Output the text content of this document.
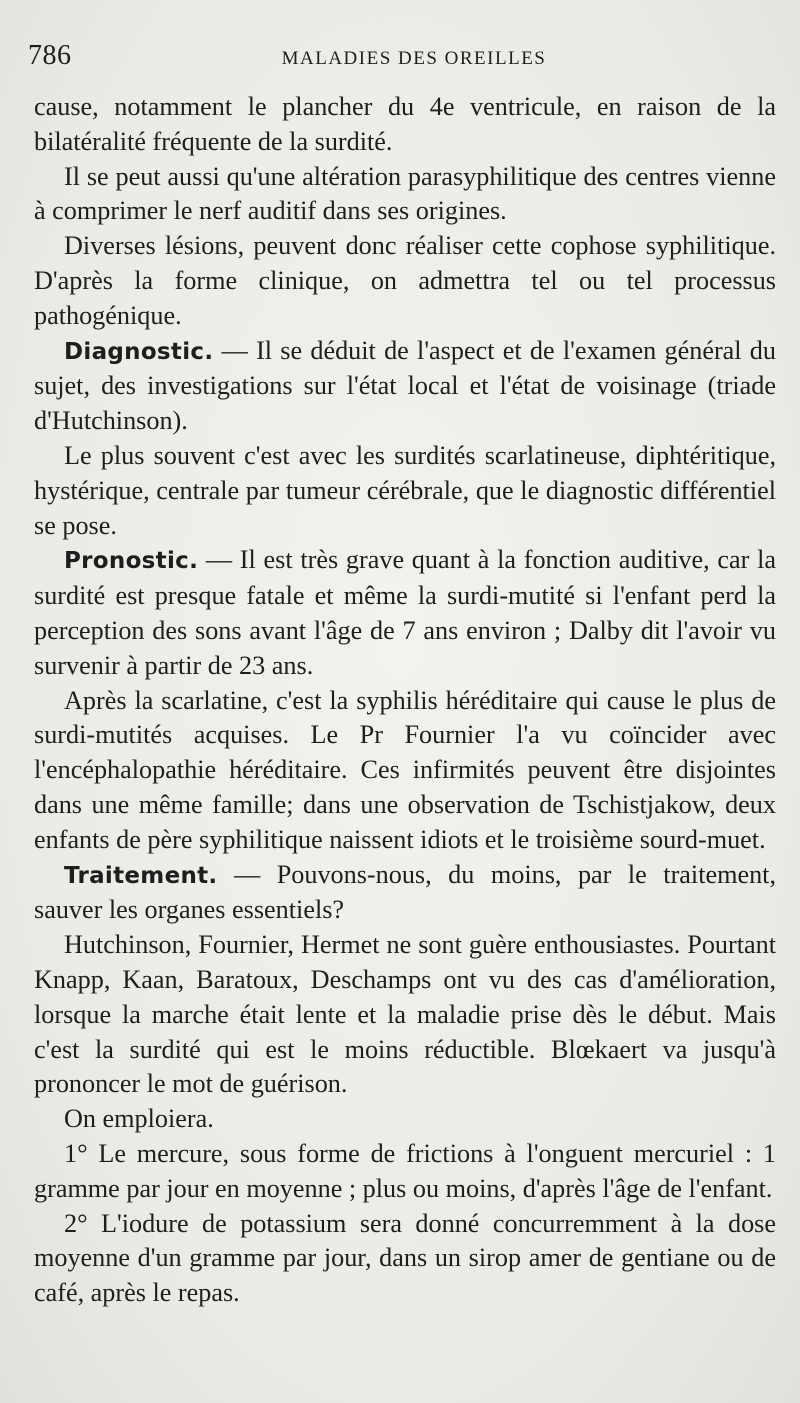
786	MALADIES DES OREILLES

cause, notamment le plancher du 4e ventricule, en raison de la bilatéralité fréquente de la surdité.

Il se peut aussi qu'une altération parasyphilitique des centres vienne à comprimer le nerf auditif dans ses origines.

Diverses lésions, peuvent donc réaliser cette cophose syphilitique. D'après la forme clinique, on admettra tel ou tel processus pathogénique.

Diagnostic. — Il se déduit de l'aspect et de l'examen général du sujet, des investigations sur l'état local et l'état de voisinage (triade d'Hutchinson).

Le plus souvent c'est avec les surdités scarlatineuse, diphtéritique, hystérique, centrale par tumeur cérébrale, que le diagnostic différentiel se pose.

Pronostic. — Il est très grave quant à la fonction auditive, car la surdité est presque fatale et même la surdi-mutité si l'enfant perd la perception des sons avant l'âge de 7 ans environ ; Dalby dit l'avoir vu survenir à partir de 23 ans.

Après la scarlatine, c'est la syphilis héréditaire qui cause le plus de surdi-mutités acquises. Le Pr Fournier l'a vu coïncider avec l'encéphalopathie héréditaire. Ces infirmités peuvent être disjointes dans une même famille; dans une observation de Tschistjakow, deux enfants de père syphilitique naissent idiots et le troisième sourd-muet.

Traitement. — Pouvons-nous, du moins, par le traitement, sauver les organes essentiels?

Hutchinson, Fournier, Hermet ne sont guère enthousiastes. Pourtant Knapp, Kaan, Baratoux, Deschamps ont vu des cas d'amélioration, lorsque la marche était lente et la maladie prise dès le début. Mais c'est la surdité qui est le moins réductible. Blœkaert va jusqu'à prononcer le mot de guérison.

On emploiera.

1° Le mercure, sous forme de frictions à l'onguent mercuriel : 1 gramme par jour en moyenne ; plus ou moins, d'après l'âge de l'enfant.

2° L'iodure de potassium sera donné concurremment à la dose moyenne d'un gramme par jour, dans un sirop amer de gentiane ou de café, après le repas.
